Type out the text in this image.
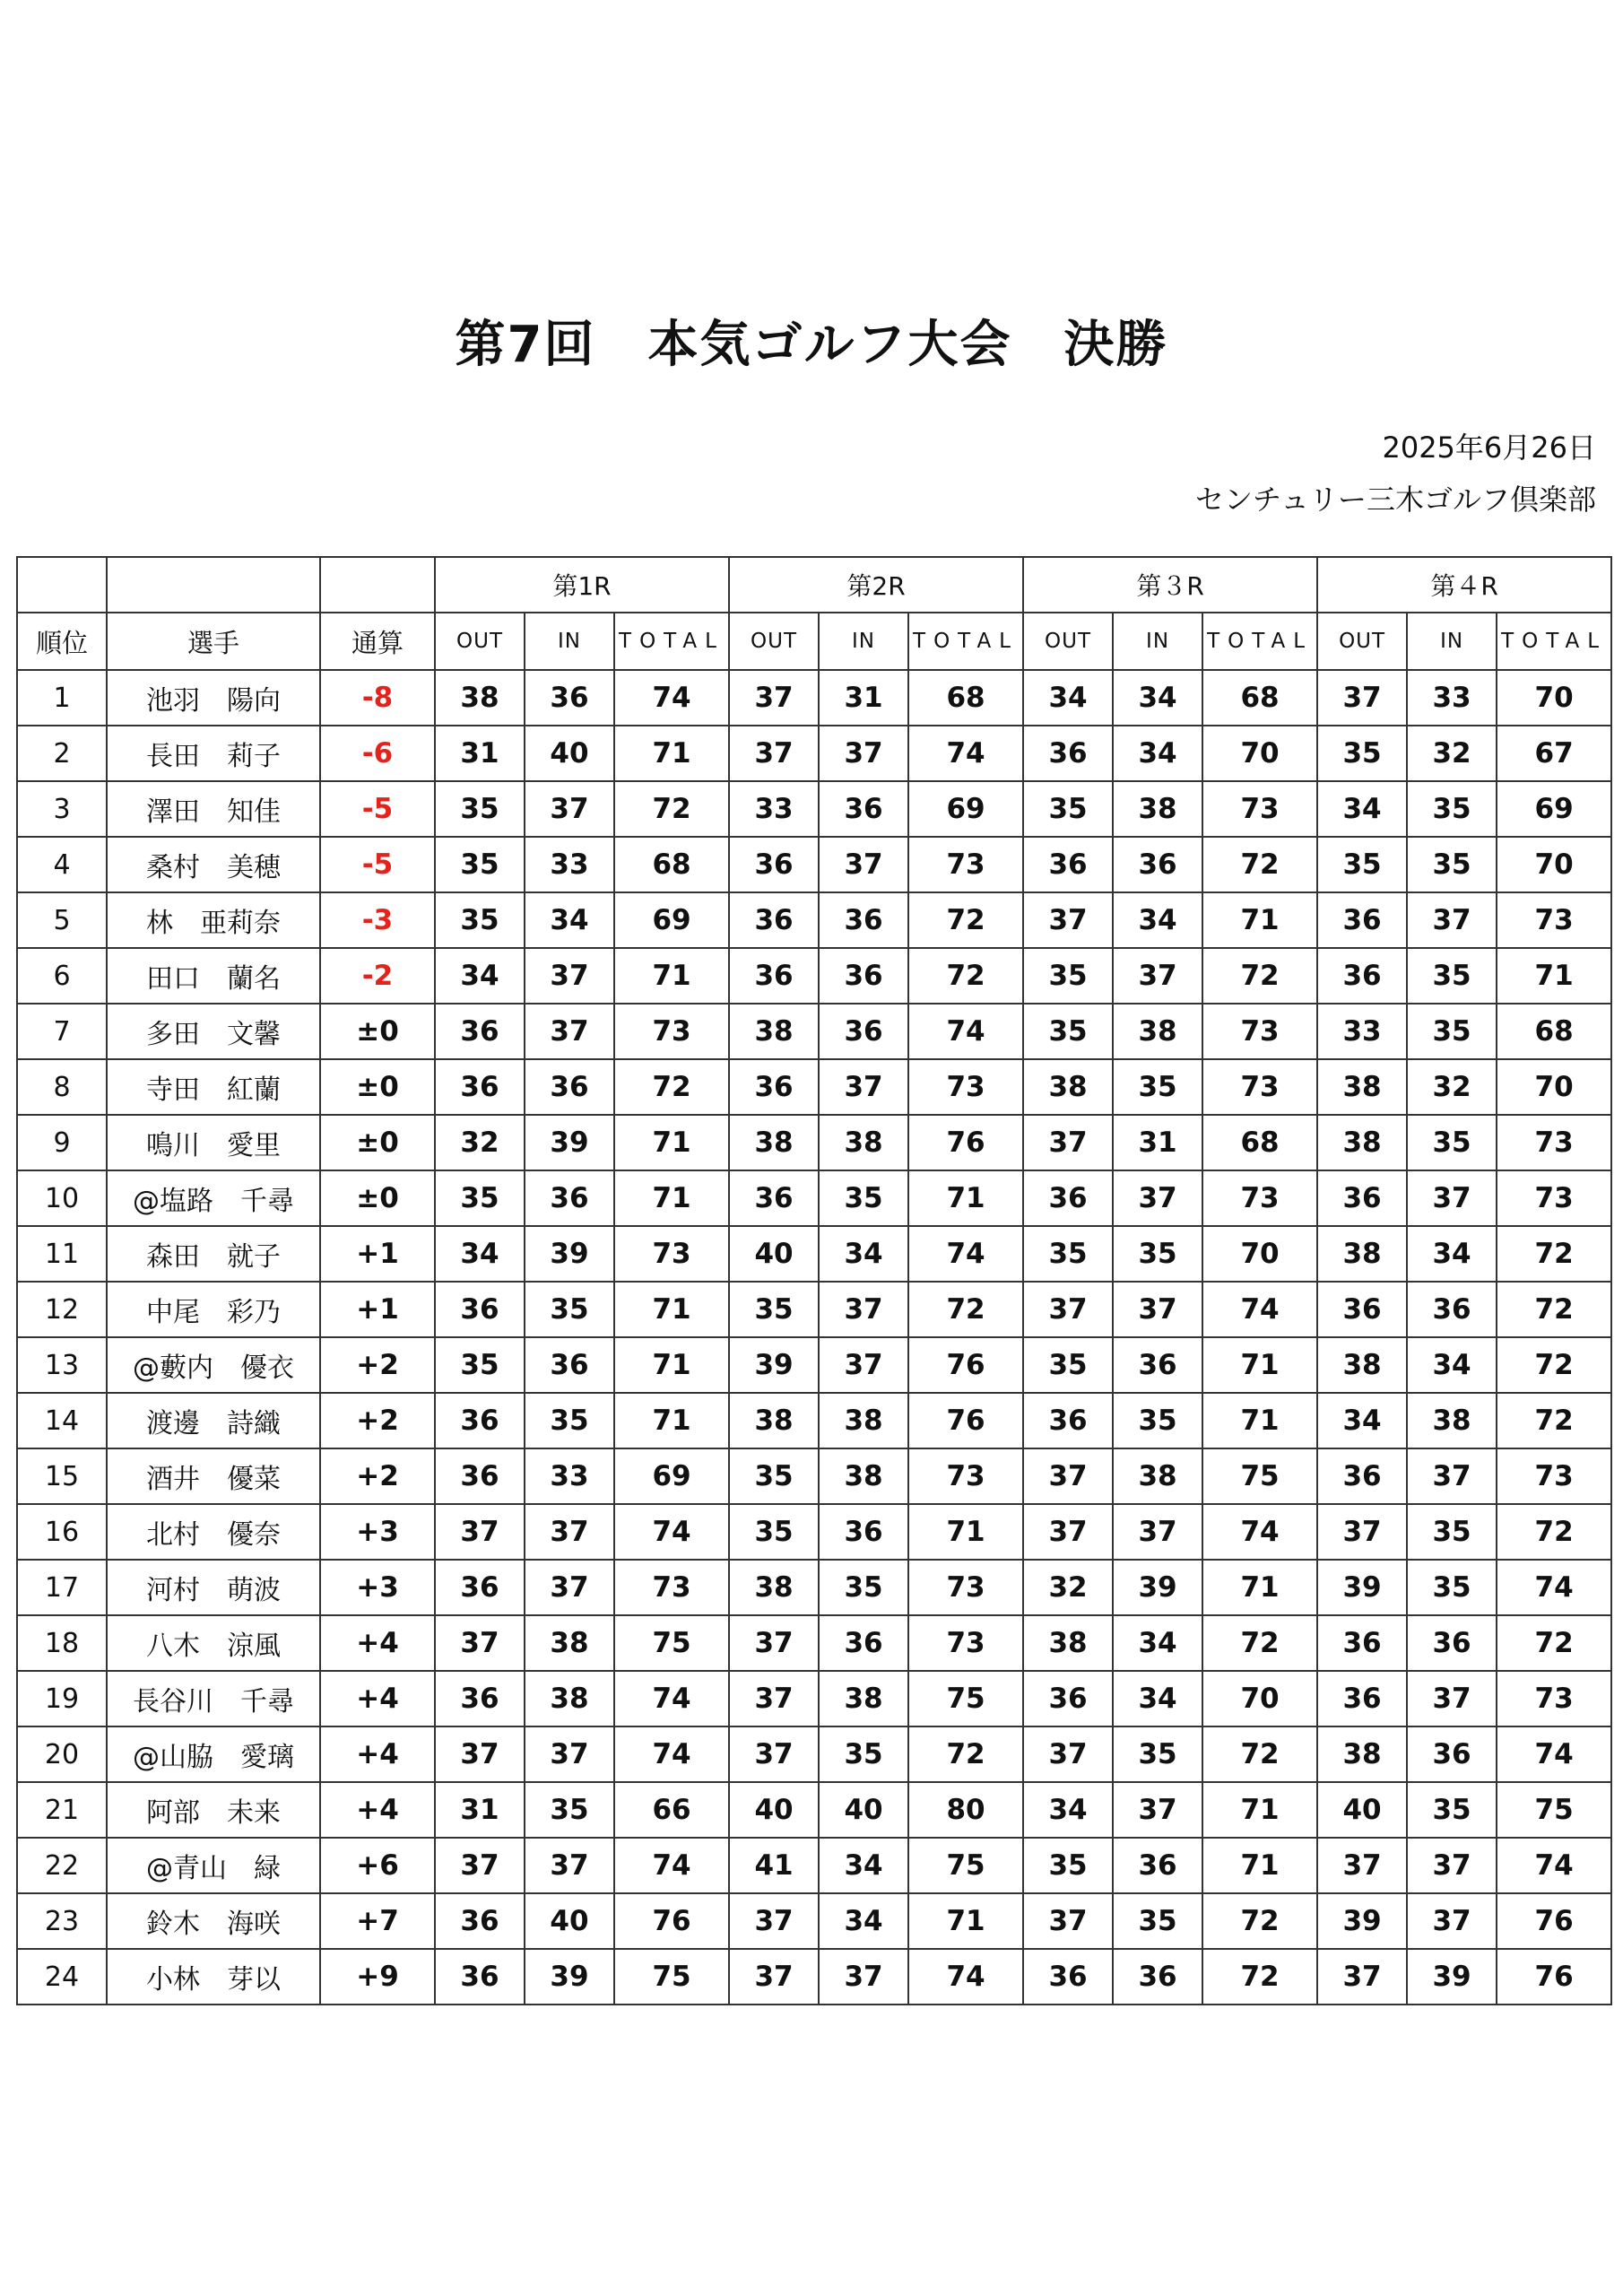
第7回　本気ゴルフ大会　決勝
2025年6月26日
センチュリー三木ゴルフ倶楽部
			第1R			第2R			第３R			第４R		
順位	選手	通算	OUT	IN	TOTAL	OUT	IN	TOTAL	OUT	IN	TOTAL	OUT	IN	TOTAL
1	池羽　陽向	-8	38	36	74	37	31	68	34	34	68	37	33	70
2	長田　莉子	-6	31	40	71	37	37	74	36	34	70	35	32	67
3	澤田　知佳	-5	35	37	72	33	36	69	35	38	73	34	35	69
4	桑村　美穂	-5	35	33	68	36	37	73	36	36	72	35	35	70
5	林　亜莉奈	-3	35	34	69	36	36	72	37	34	71	36	37	73
6	田口　蘭名	-2	34	37	71	36	36	72	35	37	72	36	35	71
7	多田　文馨	±0	36	37	73	38	36	74	35	38	73	33	35	68
8	寺田　紅蘭	±0	36	36	72	36	37	73	38	35	73	38	32	70
9	鳴川　愛里	±0	32	39	71	38	38	76	37	31	68	38	35	73
10	@塩路　千尋	±0	35	36	71	36	35	71	36	37	73	36	37	73
11	森田　就子	+1	34	39	73	40	34	74	35	35	70	38	34	72
12	中尾　彩乃	+1	36	35	71	35	37	72	37	37	74	36	36	72
13	@藪内　優衣	+2	35	36	71	39	37	76	35	36	71	38	34	72
14	渡邊　詩織	+2	36	35	71	38	38	76	36	35	71	34	38	72
15	酒井　優菜	+2	36	33	69	35	38	73	37	38	75	36	37	73
16	北村　優奈	+3	37	37	74	35	36	71	37	37	74	37	35	72
17	河村　萌波	+3	36	37	73	38	35	73	32	39	71	39	35	74
18	八木　涼風	+4	37	38	75	37	36	73	38	34	72	36	36	72
19	長谷川　千尋	+4	36	38	74	37	38	75	36	34	70	36	37	73
20	@山脇　愛璃	+4	37	37	74	37	35	72	37	35	72	38	36	74
21	阿部　未来	+4	31	35	66	40	40	80	34	37	71	40	35	75
22	@青山　緑	+6	37	37	74	41	34	75	35	36	71	37	37	74
23	鈴木　海咲	+7	36	40	76	37	34	71	37	35	72	39	37	76
24	小林　芽以	+9	36	39	75	37	37	74	36	36	72	37	39	76
